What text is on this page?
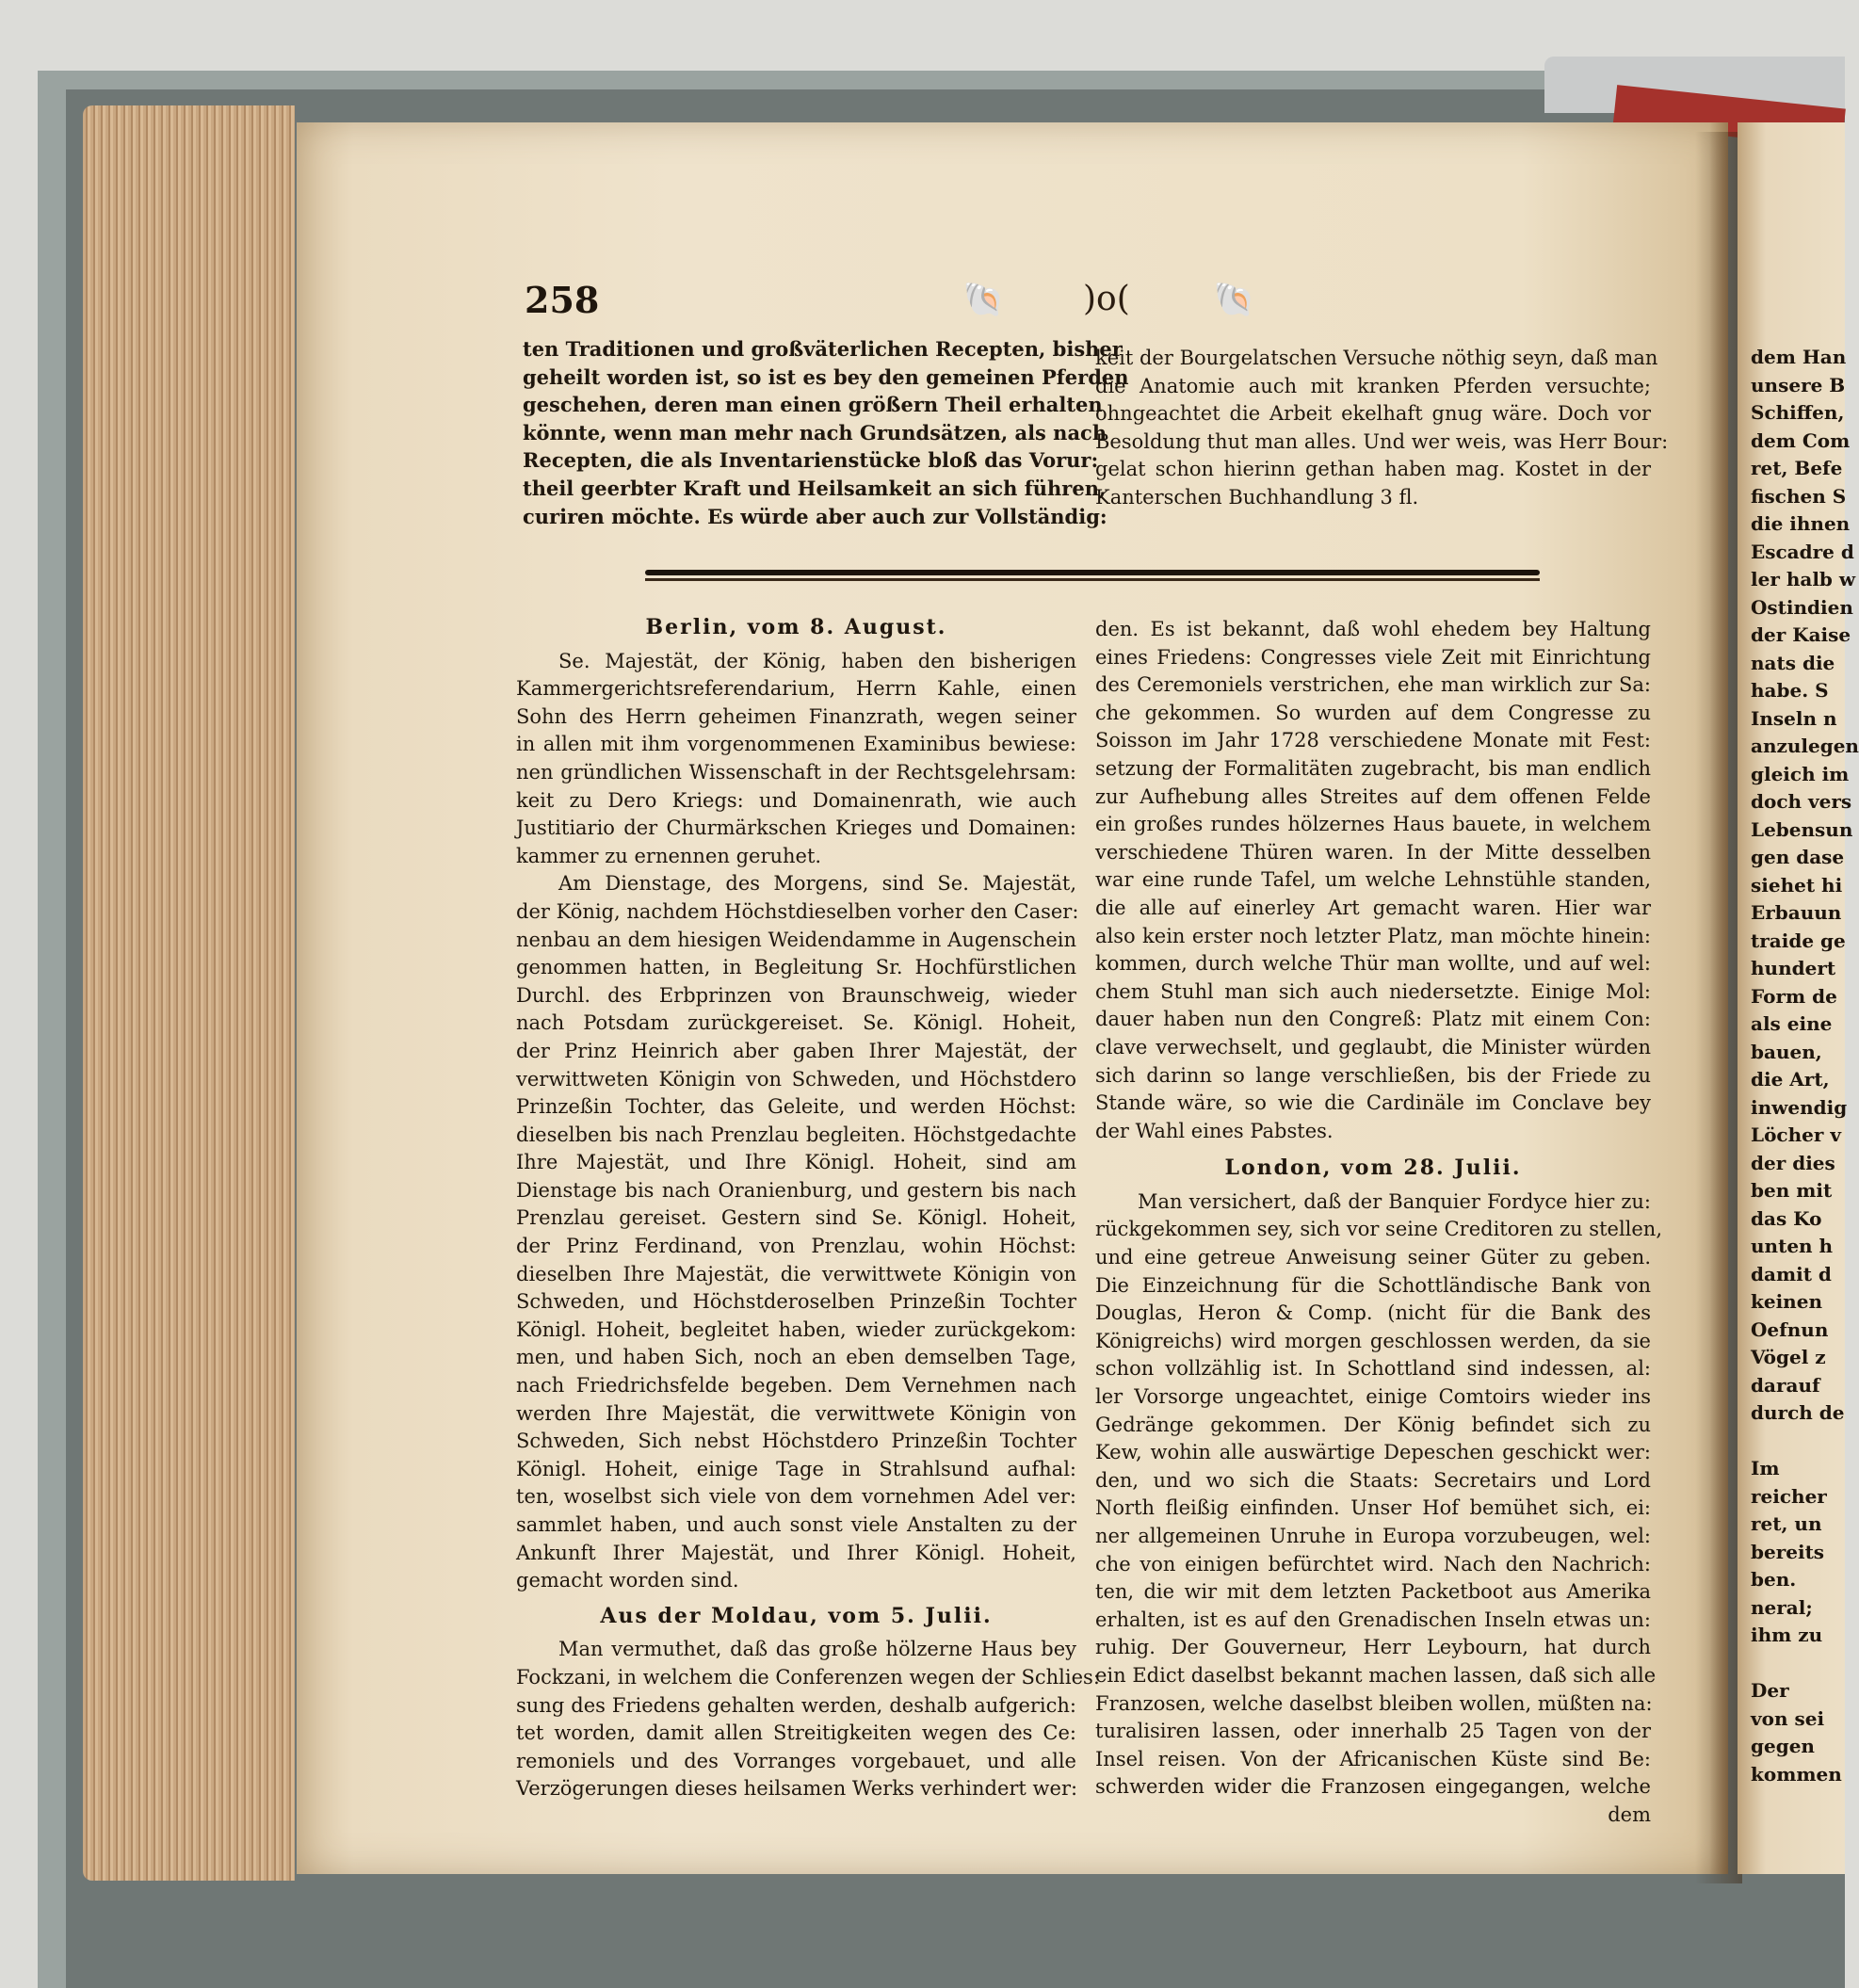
dem Han
unsere B
Schiffen,
dem Com
ret, Befe
fischen S
die ihnen
Escadre d
ler halb w
Ostindien
der Kaise
nats die
habe. S
Inseln n
anzulegen
gleich im
doch vers
Lebensun
gen dase
siehet hi
Erbauun
traide ge
hundert
Form de
als eine
bauen,
die Art,
inwendig
Löcher v
der dies
ben mit
das Ko
unten h
damit d
keinen
Oefnun
Vögel z
darauf
durch de
Im
reicher
ret, un
bereits
ben.
neral;
ihm zu
Der
von sei
gegen
kommen
258	🐚 )o( 🐚
ten Traditionen und großväterlichen Recepten, bisher
geheilt worden ist, so ist es bey den gemeinen Pferden
geschehen, deren man einen größern Theil erhalten
könnte, wenn man mehr nach Grundsätzen, als nach
Recepten, die als Inventarienstücke bloß das Vorur:
theil geerbter Kraft und Heilsamkeit an sich führen,
curiren möchte. Es würde aber auch zur Vollständig:
keit der Bourgelatschen Versuche nöthig seyn, daß man
die Anatomie auch mit kranken Pferden versuchte;
ohngeachtet die Arbeit ekelhaft gnug wäre. Doch vor
Besoldung thut man alles. Und wer weis, was Herr Bour:
gelat schon hierinn gethan haben mag. Kostet in der
Kanterschen Buchhandlung 3 fl.
Berlin, vom 8. August.
Se. Majestät, der König, haben den bisherigen
Kammergerichtsreferendarium, Herrn Kahle, einen
Sohn des Herrn geheimen Finanzrath, wegen seiner
in allen mit ihm vorgenommenen Examinibus bewiese:
nen gründlichen Wissenschaft in der Rechtsgelehrsam:
keit zu Dero Kriegs: und Domainenrath, wie auch
Justitiario der Churmärkschen Krieges und Domainen:
kammer zu ernennen geruhet.
Am Dienstage, des Morgens, sind Se. Majestät,
der König, nachdem Höchstdieselben vorher den Caser:
nenbau an dem hiesigen Weidendamme in Augenschein
genommen hatten, in Begleitung Sr. Hochfürstlichen
Durchl. des Erbprinzen von Braunschweig, wieder
nach Potsdam zurückgereiset. Se. Königl. Hoheit,
der Prinz Heinrich aber gaben Ihrer Majestät, der
verwittweten Königin von Schweden, und Höchstdero
Prinzeßin Tochter, das Geleite, und werden Höchst:
dieselben bis nach Prenzlau begleiten. Höchstgedachte
Ihre Majestät, und Ihre Königl. Hoheit, sind am
Dienstage bis nach Oranienburg, und gestern bis nach
Prenzlau gereiset. Gestern sind Se. Königl. Hoheit,
der Prinz Ferdinand, von Prenzlau, wohin Höchst:
dieselben Ihre Majestät, die verwittwete Königin von
Schweden, und Höchstderoselben Prinzeßin Tochter
Königl. Hoheit, begleitet haben, wieder zurückgekom:
men, und haben Sich, noch an eben demselben Tage,
nach Friedrichsfelde begeben. Dem Vernehmen nach
werden Ihre Majestät, die verwittwete Königin von
Schweden, Sich nebst Höchstdero Prinzeßin Tochter
Königl. Hoheit, einige Tage in Strahlsund aufhal:
ten, woselbst sich viele von dem vornehmen Adel ver:
sammlet haben, und auch sonst viele Anstalten zu der
Ankunft Ihrer Majestät, und Ihrer Königl. Hoheit,
gemacht worden sind.
Aus der Moldau, vom 5. Julii.
Man vermuthet, daß das große hölzerne Haus bey
Fockzani, in welchem die Conferenzen wegen der Schlies:
sung des Friedens gehalten werden, deshalb aufgerich:
tet worden, damit allen Streitigkeiten wegen des Ce:
remoniels und des Vorranges vorgebauet, und alle
Verzögerungen dieses heilsamen Werks verhindert wer:
den. Es ist bekannt, daß wohl ehedem bey Haltung
eines Friedens: Congresses viele Zeit mit Einrichtung
des Ceremoniels verstrichen, ehe man wirklich zur Sa:
che gekommen. So wurden auf dem Congresse zu
Soisson im Jahr 1728 verschiedene Monate mit Fest:
setzung der Formalitäten zugebracht, bis man endlich
zur Aufhebung alles Streites auf dem offenen Felde
ein großes rundes hölzernes Haus bauete, in welchem
verschiedene Thüren waren. In der Mitte desselben
war eine runde Tafel, um welche Lehnstühle standen,
die alle auf einerley Art gemacht waren. Hier war
also kein erster noch letzter Platz, man möchte hinein:
kommen, durch welche Thür man wollte, und auf wel:
chem Stuhl man sich auch niedersetzte. Einige Mol:
dauer haben nun den Congreß: Platz mit einem Con:
clave verwechselt, und geglaubt, die Minister würden
sich darinn so lange verschließen, bis der Friede zu
Stande wäre, so wie die Cardinäle im Conclave bey
der Wahl eines Pabstes.
London, vom 28. Julii.
Man versichert, daß der Banquier Fordyce hier zu:
rückgekommen sey, sich vor seine Creditoren zu stellen,
und eine getreue Anweisung seiner Güter zu geben.
Die Einzeichnung für die Schottländische Bank von
Douglas, Heron & Comp. (nicht für die Bank des
Königreichs) wird morgen geschlossen werden, da sie
schon vollzählig ist. In Schottland sind indessen, al:
ler Vorsorge ungeachtet, einige Comtoirs wieder ins
Gedränge gekommen. Der König befindet sich zu
Kew, wohin alle auswärtige Depeschen geschickt wer:
den, und wo sich die Staats: Secretairs und Lord
North fleißig einfinden. Unser Hof bemühet sich, ei:
ner allgemeinen Unruhe in Europa vorzubeugen, wel:
che von einigen befürchtet wird. Nach den Nachrich:
ten, die wir mit dem letzten Packetboot aus Amerika
erhalten, ist es auf den Grenadischen Inseln etwas un:
ruhig. Der Gouverneur, Herr Leybourn, hat durch
ein Edict daselbst bekannt machen lassen, daß sich alle
Franzosen, welche daselbst bleiben wollen, müßten na:
turalisiren lassen, oder innerhalb 25 Tagen von der
Insel reisen. Von der Africanischen Küste sind Be:
schwerden wider die Franzosen eingegangen, welche
dem
